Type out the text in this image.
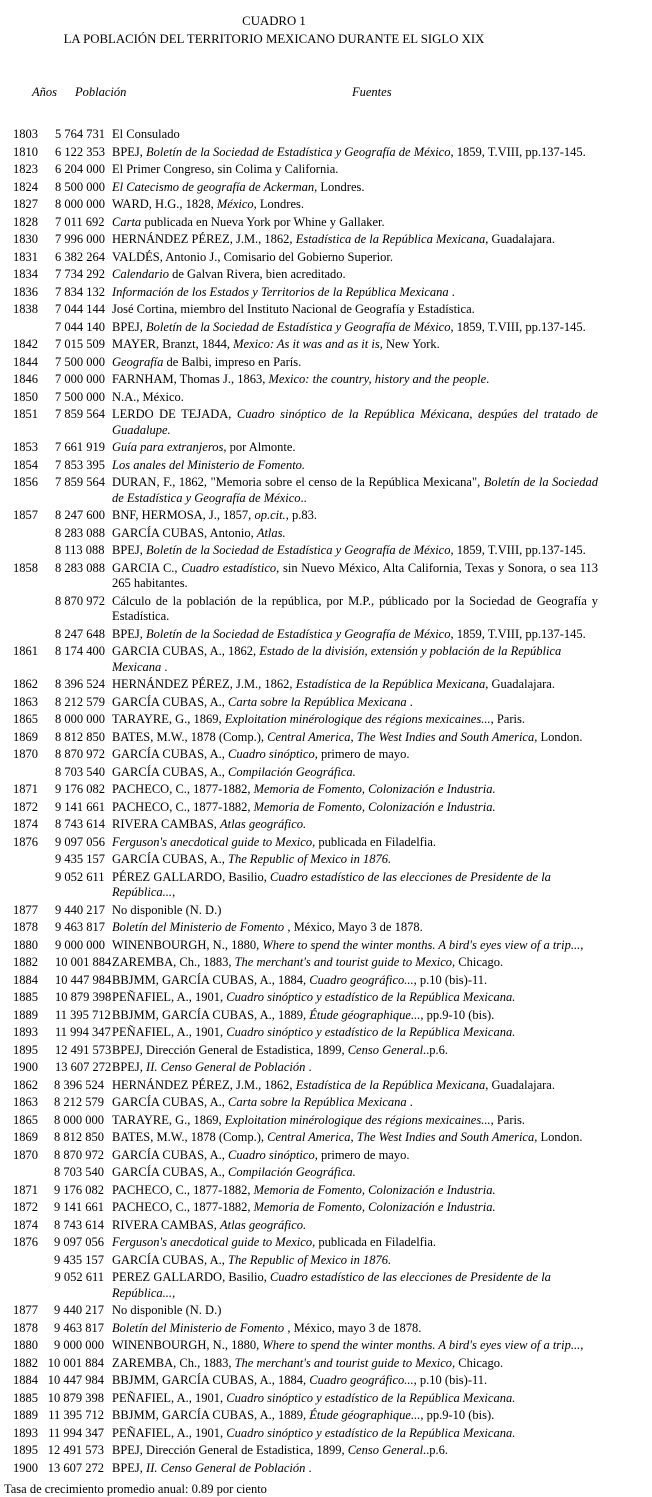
CUADRO 1
LA POBLACIÓN DEL TERRITORIO MEXICANO DURANTE EL SIGLO XIX
Años Población	Fuentes
1803	5 764 731 El Consulado
1810	6 122 353 BPEJ, Boletín de la Sociedad de Estadística y Geografía de México, 1859, T.VIII, pp.137-145.
1823	6 204 000 El Primer Congreso, sin Colima y California.
1824	8 500 000 El Catecismo de geografía de Ackerman, Londres.
1827	8 000 000 WARD, H.G., 1828, México, Londres.
1828	7 011 692 Carta publicada en Nueva York por Whine y Gallaker.
1830	7 996 000 HERNÁNDEZ PÉREZ, J.M., 1862, Estadística de la República Mexicana, Guadalajara.
1831	6 382 264 VALDÉS, Antonio J., Comisario del Gobierno Superior.
1834	7 734 292 Calendario de Galvan Rivera, bien acreditado.
1836	7 834 132 Información de los Estados y Territorios de la República Mexicana .
1838	7 044 144 José Cortina, miembro del Instituto Nacional de Geografía y Estadística.
7 044 140 BPEJ, Boletín de la Sociedad de Estadística y Geografía de México, 1859, T.VIII, pp.137-145.
1842	7 015 509 MAYER, Branzt, 1844, Mexico: As it was and as it is, New York.
1844	7 500 000 Geografía de Balbi, impreso en París.
1846	7 000 000 FARNHAM, Thomas J., 1863, Mexico: the country, history and the people.
1850	7 500 000 N.A., México.
1851	7 859 564 LERDO DE TEJADA, Cuadro sinóptico de la República Méxicana, despúes del tratado de Guadalupe.
1853	7 661 919 Guía para extranjeros, por Almonte.
1854	7 853 395 Los anales del Ministerio de Fomento.
1856	7 859 564 DURAN, F., 1862, "Memoria sobre el censo de la República Mexicana", Boletín de la Sociedad de Estadística y Geografía de México..
1857	8 247 600 BNF, HERMOSA, J., 1857, op.cit., p.83.
8 283 088 GARCÍA CUBAS, Antonio, Atlas.
8 113 088 BPEJ, Boletín de la Sociedad de Estadística y Geografía de México, 1859, T.VIII, pp.137-145.
1858	8 283 088 GARCIA C., Cuadro estadístico, sin Nuevo México, Alta California, Texas y Sonora, o sea 113 265 habitantes.
8 870 972 Cálculo de la población de la república, por M.P., públicado por la Sociedad de Geografía y Estadística.
8 247 648 BPEJ, Boletín de la Sociedad de Estadística y Geografía de México, 1859, T.VIII, pp.137-145.
1861	8 174 400 GARCIA CUBAS, A., 1862, Estado de la división, extensión y población de la República Mexicana .
1862	8 396 524 HERNÁNDEZ PÉREZ, J.M., 1862, Estadística de la República Mexicana, Guadalajara.
1863	8 212 579 GARCÍA CUBAS, A., Carta sobre la República Mexicana .
1865	8 000 000 TARAYRE, G., 1869, Exploitation minérologique des régions mexicaines..., Paris.
1869	8 812 850 BATES, M.W., 1878 (Comp.), Central America, The West Indies and South America, London.
1870	8 870 972 GARCÍA CUBAS, A., Cuadro sinóptico, primero de mayo.
8 703 540 GARCÍA CUBAS, A., Compilación Geográfica.
1871	9 176 082 PACHECO, C., 1877-1882, Memoria de Fomento, Colonización e Industria.
1872	9 141 661 PACHECO, C., 1877-1882, Memoria de Fomento, Colonización e Industria.
1874	8 743 614 RIVERA CAMBAS, Atlas geográfico.
1876	9 097 056 Ferguson's anecdotical guide to Mexico, publicada en Filadelfia.
9 435 157 GARCÍA CUBAS, A., The Republic of Mexico in 1876.
9 052 611 PÉREZ GALLARDO, Basilio, Cuadro estadístico de las elecciones de Presidente de la República...,
1877	9 440 217 No disponible (N. D.)
1878	9 463 817 Boletín del Ministerio de Fomento , México, Mayo 3 de 1878.
1880	9 000 000 WINENBOURGH, N., 1880, Where to spend the winter months. A bird's eyes view of a trip...,
1882	10 001 884 ZAREMBA, Ch., 1883, The merchant's and tourist guide to Mexico, Chicago.
1884	10 447 984 BBJMM, GARCÍA CUBAS, A., 1884, Cuadro geográfico..., p.10 (bis)-11.
1885	10 879 398 PEÑAFIEL, A., 1901, Cuadro sinóptico y estadístico de la República Mexicana.
1889	11 395 712 BBJMM, GARCÍA CUBAS, A., 1889, Étude géographique..., pp.9-10 (bis).
1893	11 994 347 PEÑAFIEL, A., 1901, Cuadro sinóptico y estadístico de la República Mexicana.
1895	12 491 573 BPEJ, Dirección General de Estadistica, 1899, Censo General..p.6.
1900	13 607 272 BPEJ, II. Censo General de Población .
1862	8 396 524 HERNÁNDEZ PÉREZ, J.M., 1862, Estadística de la República Mexicana, Guadalajara.
1863	8 212 579 GARCÍA CUBAS, A., Carta sobre la República Mexicana .
1865	8 000 000 TARAYRE, G., 1869, Exploitation minérologique des régions mexicaines..., Paris.
1869	8 812 850 BATES, M.W., 1878 (Comp.), Central America, The West Indies and South America, London.
1870	8 870 972 GARCÍA CUBAS, A., Cuadro sinóptico, primero de mayo.
8 703 540 GARCÍA CUBAS, A., Compilación Geográfica.
1871	9 176 082 PACHECO, C., 1877-1882, Memoria de Fomento, Colonización e Industria.
1872	9 141 661 PACHECO, C., 1877-1882, Memoria de Fomento, Colonización e Industria.
1874	8 743 614 RIVERA CAMBAS, Atlas geográfico.
1876	9 097 056 Ferguson's anecdotical guide to Mexico, publicada en Filadelfia.
9 435 157 GARCÍA CUBAS, A., The Republic of Mexico in 1876.
9 052 611 PEREZ GALLARDO, Basilio, Cuadro estadístico de las elecciones de Presidente de la República...,
1877	9 440 217 No disponible (N. D.)
1878	9 463 817 Boletín del Ministerio de Fomento , México, mayo 3 de 1878.
1880	9 000 000 WINENBOURGH, N., 1880, Where to spend the winter months. A bird's eyes view of a trip...,
1882 10 001 884 ZAREMBA, Ch., 1883, The merchant's and tourist guide to Mexico, Chicago.
1884 10 447 984 BBJMM, GARCÍA CUBAS, A., 1884, Cuadro geográfico..., p.10 (bis)-11.
1885 10 879 398 PEÑAFIEL, A., 1901, Cuadro sinóptico y estadístico de la República Mexicana.
1889 11 395 712 BBJMM, GARCÍA CUBAS, A., 1889, Étude géographique..., pp.9-10 (bis).
1893 11 994 347 PEÑAFIEL, A., 1901, Cuadro sinóptico y estadístico de la República Mexicana.
1895 12 491 573 BPEJ, Dirección General de Estadistica, 1899, Censo General..p.6.
1900 13 607 272 BPEJ, II. Censo General de Población .
Tasa de crecimiento promedio anual: 0.89 por ciento
